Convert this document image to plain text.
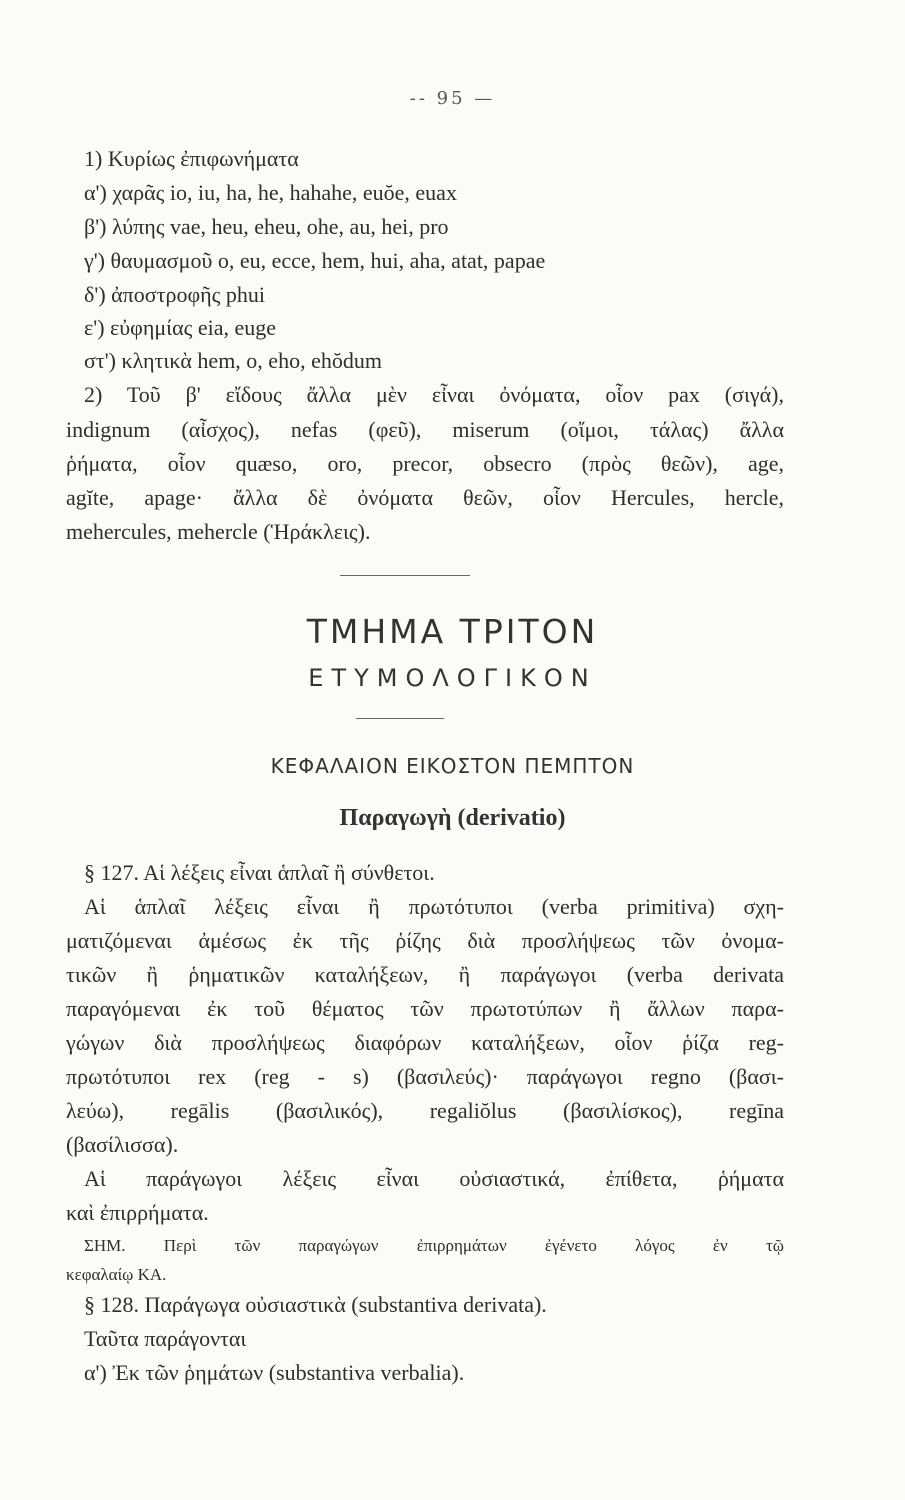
-- 95 —
1) Κυρίως ἐπιφωνήματα
α') χαρᾶς io, iu, ha, he, hahahe, euŏe, euax
β') λύπης vae, heu, eheu, ohe, au, hei, pro
γ') θαυμασμοῦ o, eu, ecce, hem, hui, aha, atat, papae
δ') ἀποστροφῆς phui
ε') εὐφημίας eia, euge
στ') κλητικὰ hem, o, eho, ehŏdum
2) Τοῦ β' εἴδους ἄλλα μὲν εἶναι ὀνόματα, οἷον pax (σιγά),
indignum (αἶσχος), nefas (φεῦ), miserum (οἴμοι, τάλας) ἄλλα
ῥήματα, οἷον quæso, oro, precor, obsecro (πρὸς θεῶν), age,
agĭte, apage· ἄλλα δὲ ὀνόματα θεῶν, οἷον Hercules, hercle,
mehercules, mehercle (Ἡράκλεις).
ΤΜΗΜΑ ΤΡΙΤΟΝ
ΕΤΥΜΟΛΟΓΙΚΟΝ
ΚΕΦΑΛΑΙΟΝ ΕΙΚΟΣΤΟΝ ΠΕΜΠΤΟΝ
Παραγωγὴ (derivatio)
§ 127. Αἱ λέξεις εἶναι ἁπλαῖ ἢ σύνθετοι.
Αἱ ἁπλαῖ λέξεις εἶναι ἢ πρωτότυποι (verba primitiva) σχη-
ματιζόμεναι ἀμέσως ἐκ τῆς ῥίζης διὰ προσλήψεως τῶν ὀνομα-
τικῶν ἢ ῥηματικῶν καταλήξεων, ἢ παράγωγοι (verba derivata
παραγόμεναι ἐκ τοῦ θέματος τῶν πρωτοτύπων ἢ ἄλλων παρα-
γώγων διὰ προσλήψεως διαφόρων καταλήξεων, οἷον ῥίζα reg-
πρωτότυποι rex (reg - s) (βασιλεύς)· παράγωγοι regno (βασι-
λεύω), regālis (βασιλικός), regaliŏlus (βασιλίσκος), regīna
(βασίλισσα).
Αἱ παράγωγοι λέξεις εἶναι οὐσιαστικά, ἐπίθετα, ῥήματα
καὶ ἐπιρρήματα.
ΣΗΜ. Περὶ τῶν παραγώγων ἐπιρρημάτων ἐγένετο λόγος ἐν τῷ
κεφαλαίῳ ΚΑ.
§ 128. Παράγωγα οὐσιαστικὰ (substantiva derivata).
Ταῦτα παράγονται
α') Ἐκ τῶν ῥημάτων (substantiva verbalia).
